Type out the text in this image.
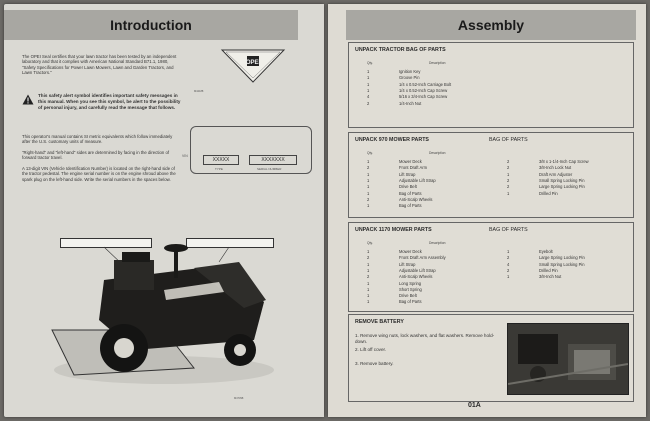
Introduction
The OPEI Seal certifies that your lawn tractor has been tested by an independent laboratory and that it complies with American National Standard B71.1, 1980, "Safety Specifications for Power Lawn Mowers, Lawn and Garden Tractors, and Lawn Tractors."
OPEI
M42188
This safety alert symbol identifies important safety messages in this manual. When you see this symbol, be alert to the possibility of personal injury, and carefully read the message that follows.
This operator's manual contains SI metric equivalents which follow immediately after the U.S. customary units of measure.
"Right-hand" and "left-hand" sides are determined by facing in the direction of forward tractor travel.
A 13-digit VIN (Vehicle Identification Number) is located on the right-hand side of the tractor pedestal. The engine serial number is on the engine shroud above the spark plug on the left-hand side. Write the serial numbers in the spaces below.
VIN
XXXXX	XXXXXXX
TYPE	SERIAL NUMBER
M47398
Assembly
UNPACK TRACTOR BAG OF PARTS
Qty.	Description
1	Ignition Key
1	Groove Pin
1	1/4 x 0.52-Inch Carriage Bolt
1	1/4 x 0.52-Inch Cap Screw
4	5/16 x 3/4-Inch Cap Screw
2	1/4-Inch Nut
UNPACK 970 MOWER PARTS	BAG OF PARTS
Qty.	Description
1	Mower Deck
2	Front Draft Arm
1	Lift Strap
1	Adjustable Lift Strap
1	Drive Belt
1	Bag of Parts
2	Anti-Scalp Wheels
1	Bag of Parts
2	3/8 x 1-1/4-Inch Cap Screw
2	3/8-Inch Lock Nut
1	Draft Arm Adjuster
2	Small Spring Locking Pin
2	Large Spring Locking Pin
1	Drilled Pin
UNPACK 1170 MOWER PARTS	BAG OF PARTS
Qty.	Description
1	Mower Deck
2	Front Draft Arm Assembly
1	Lift Strap
1	Adjustable Lift Strap
2	Anti-Scalp Wheels
1	Long Spring
1	Short Spring
1	Drive Belt
1	Bag of Parts
1	Eyebolt
2	Large Spring Locking Pin
4	Small Spring Locking Pin
2	Drilled Pin
1	3/8-Inch Nut
REMOVE BATTERY
1. Remove wing nuts, lock washers, and flat washers. Remove hold-down.
2. Lift off cover.
3. Remove battery.
01A
